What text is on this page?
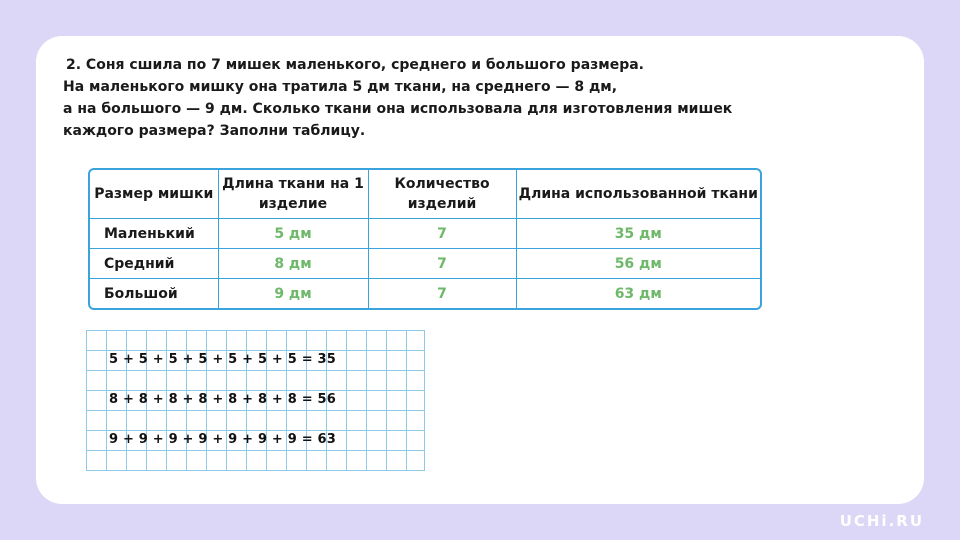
2. Соня сшила по 7 мишек маленького, среднего и большого размера.
На маленького мишку она тратила 5 дм ткани, на среднего — 8 дм,
а на большого — 9 дм. Сколько ткани она использовала для изготовления мишек
каждого размера? Заполни таблицу.

Размер мишки	Длина ткани на 1 изделие	Количество изделий	Длина использованной ткани
Маленький	5 дм	7	35 дм
Средний	8 дм	7	56 дм
Большой	9 дм	7	63 дм
5 + 5 + 5 + 5 + 5 + 5 + 5 = 35
8 + 8 + 8 + 8 + 8 + 8 + 8 = 56
9 + 9 + 9 + 9 + 9 + 9 + 9 = 63
UCHi.RU
